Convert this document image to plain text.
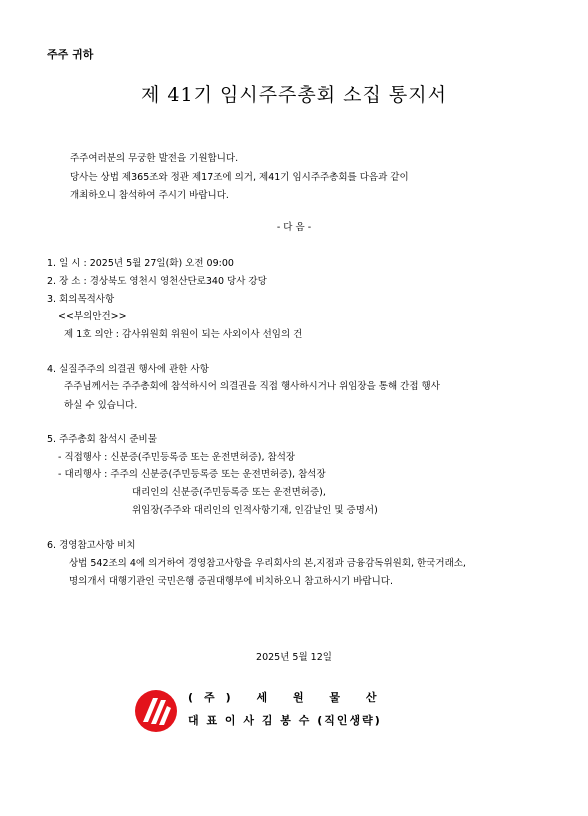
주주 귀하
제 41기 임시주주총회 소집 통지서
주주여러분의 무궁한 발전을 기원합니다.
당사는 상법 제365조와 정관 제17조에 의거, 제41기 임시주주총회를 다음과 같이
개최하오니 참석하여 주시기 바랍니다.
- 다 음 -
1. 일 시 : 2025년 5월 27일(화) 오전 09:00
2. 장 소 : 경상북도 영천시 영천산단로340 당사 강당
3. 회의목적사항
<<부의안건>>
제 1호 의안 : 감사위원회 위원이 되는 사외이사 선임의 건
4. 실질주주의 의결권 행사에 관한 사항
주주님께서는 주주총회에 참석하시어 의결권을 직접 행사하시거나 위임장을 통해 간접 행사
하실 수 있습니다.
5. 주주총회 참석시 준비물
- 직접행사 : 신분증(주민등록증 또는 운전면허증), 참석장
- 대리행사 : 주주의 신분증(주민등록증 또는 운전면허증), 참석장
대리인의 신분증(주민등록증 또는 운전면허증),
위임장(주주와 대리인의 인적사항기재, 인감날인 및 증명서)
6. 경영참고사항 비치
상법 542조의 4에 의거하여 경영참고사항을 우리회사의 본,지점과 금융감독위원회, 한국거래소,
명의개서 대행기관인 국민은행 증권대행부에 비치하오니 참고하시기 바랍니다.
2025년 5월 12일
(주) 세 원 물 산
대 표 이 사 김 봉 수 (직인생략)
